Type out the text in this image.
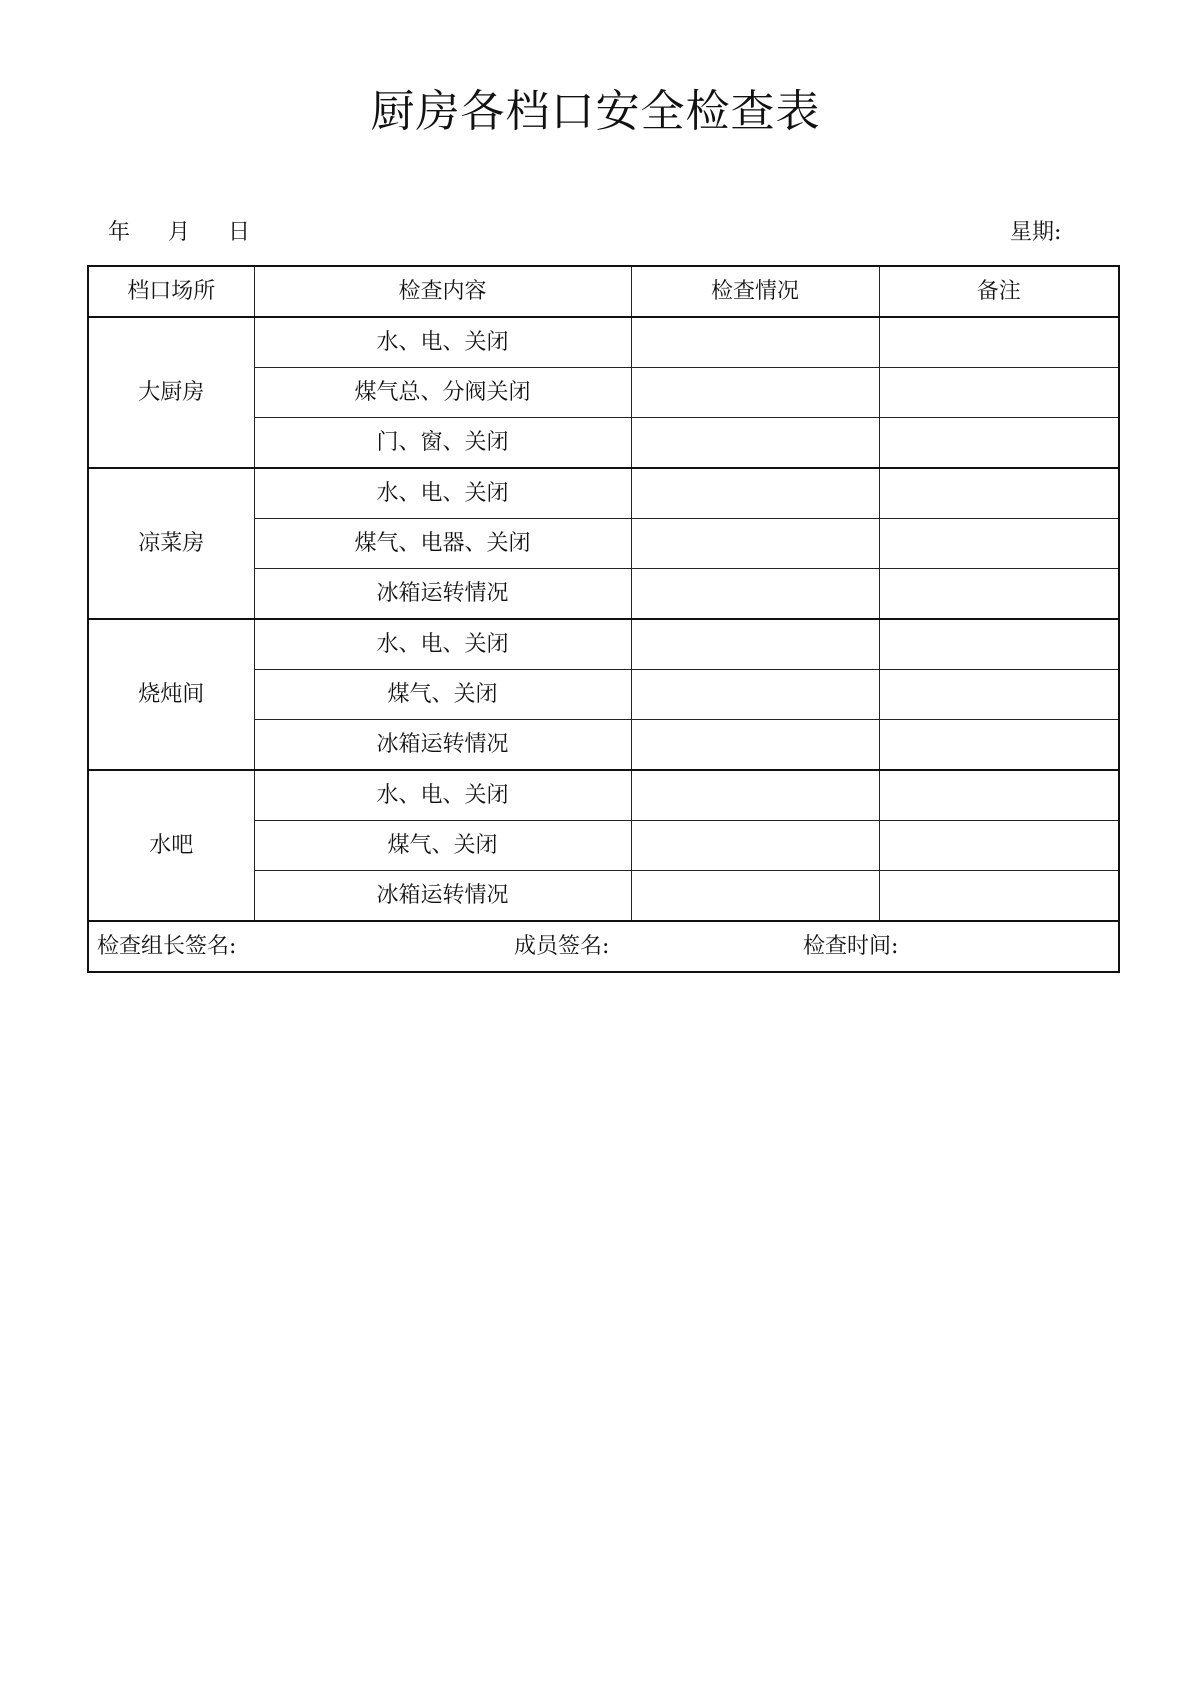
厨房各档口安全检查表
年 月 日	星期:
档口场所	检查内容	检查情况	备注
大厨房	水、电、关闭		
	煤气总、分阀关闭		
	门、窗、关闭		
凉菜房	水、电、关闭		
	煤气、电器、关闭		
	冰箱运转情况		
烧炖间	水、电、关闭		
	煤气、关闭		
	冰箱运转情况		
水吧	水、电、关闭		
	煤气、关闭		
	冰箱运转情况		

检查组长签名: 成员签名: 检查时间:			
